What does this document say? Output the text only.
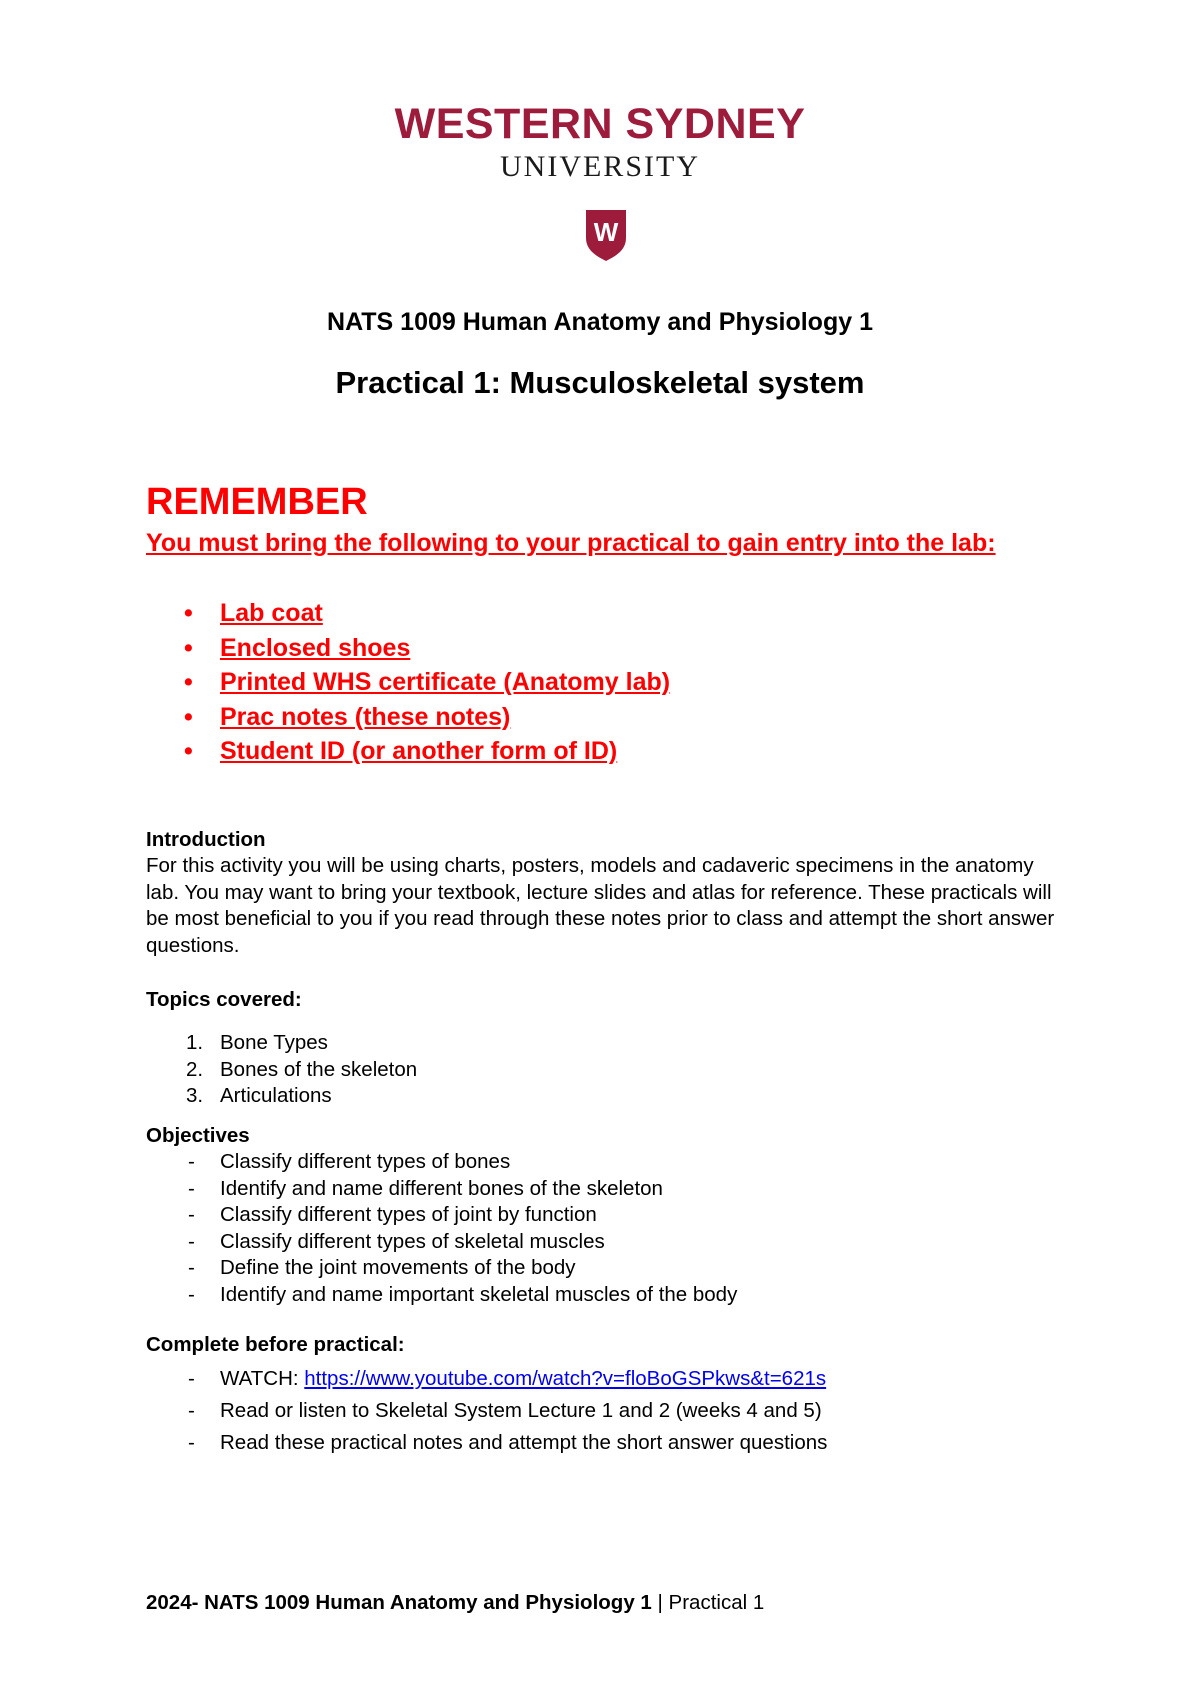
WESTERN SYDNEY
UNIVERSITY
W
NATS 1009 Human Anatomy and Physiology 1
Practical 1: Musculoskeletal system
REMEMBER
You must bring the following to your practical to gain entry into the lab:
• Lab coat
• Enclosed shoes
• Printed WHS certificate (Anatomy lab)
• Prac notes (these notes)
• Student ID (or another form of ID)
Introduction
For this activity you will be using charts, posters, models and cadaveric specimens in the anatomy lab. You may want to bring your textbook, lecture slides and atlas for reference. These practicals will be most beneficial to you if you read through these notes prior to class and attempt the short answer questions.
Topics covered:
1. Bone Types
2. Bones of the skeleton
3. Articulations
Objectives
- Classify different types of bones
- Identify and name different bones of the skeleton
- Classify different types of joint by function
- Classify different types of skeletal muscles
- Define the joint movements of the body
- Identify and name important skeletal muscles of the body
Complete before practical:
- WATCH: https://www.youtube.com/watch?v=floBoGSPkws&t=621s
- Read or listen to Skeletal System Lecture 1 and 2 (weeks 4 and 5)
- Read these practical notes and attempt the short answer questions
2024- NATS 1009 Human Anatomy and Physiology 1 | Practical 1
